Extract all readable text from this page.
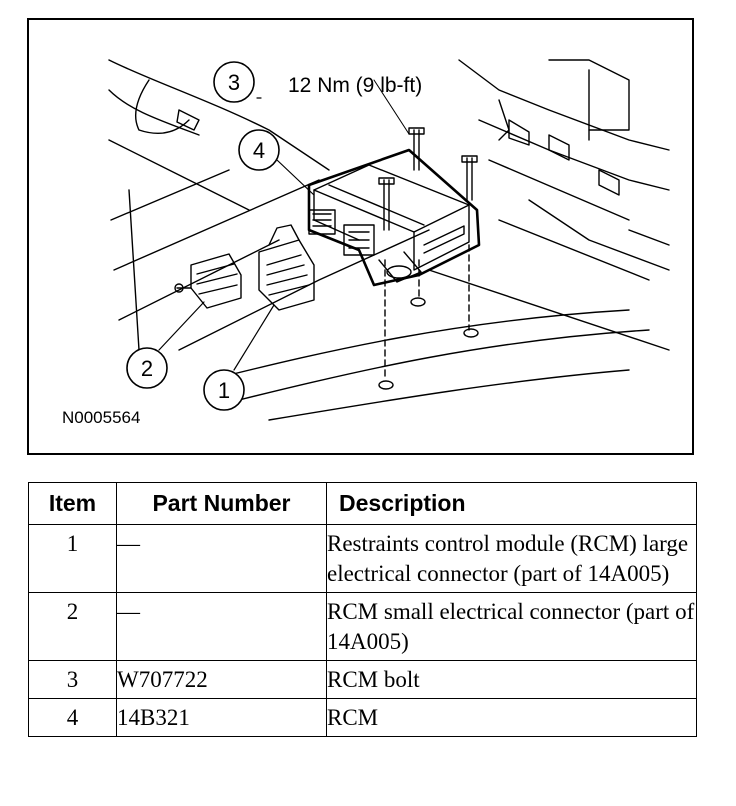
3
4
2
1
12 Nm (9 lb-ft)
N0005564
Item	Part Number	Description
1	—	Restraints control module (RCM) large electrical connector (part of 14A005)
2	—	RCM small electrical connector (part of 14A005)
3	W707722	RCM bolt
4	14B321	RCM
